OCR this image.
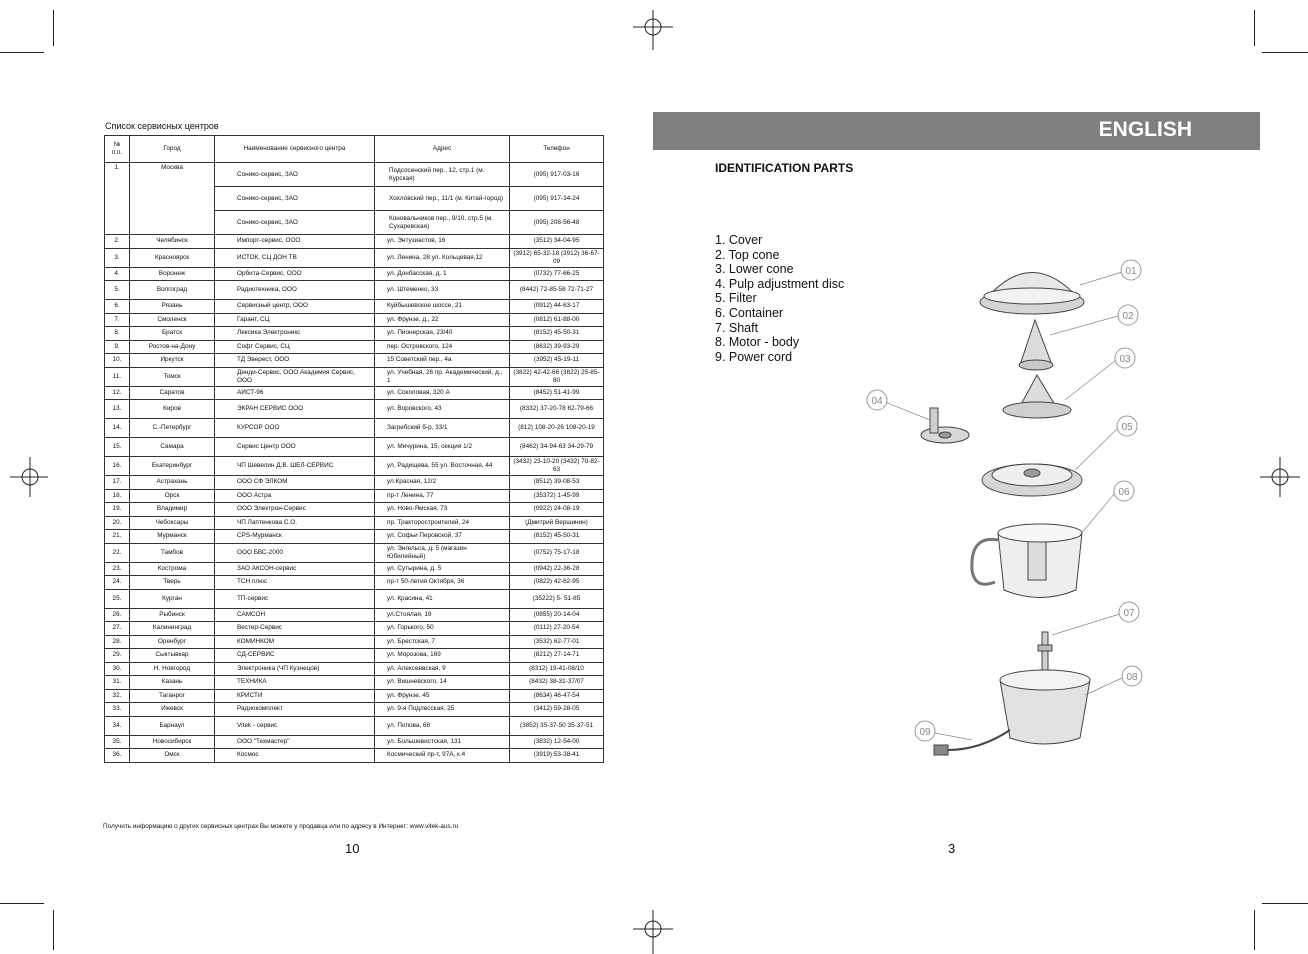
Список сервисных центров
№ п.п.	Город	Наименование сервисного центра	Адрес	Телефон
1.	Москва	Сонико-сервис, ЗАО	Подсосенский пер., 12, стр.1 (м. Курская)	(095) 917-03-16
		Сонико-сервис, ЗАО	Хохловский пер., 11/1 (м. Китай-город)	(095) 917-34-24
		Сонико-сервис, ЗАО	Коновальников пер., 9/10, стр.5 (м. Сухаревская)	(095) 208-56-48
2.	Челябинск	Импорт-сервис, ООО	ул. Энтузиастов, 16	(3512) 34-04-95
3.	Красноярск	ИСТОК, СЦ ДОН ТВ	ул. Ленина, 28 ул. Кольцевая,12	(3912) 65-32-18 (3912) 36-67-09
4.	Воронеж	Орбита-Сервис, ООО	ул. Донбасская, д. 1	(0732) 77-66-25
5.	Волгоград	Радиотехника, ООО	ул. Штеменко, 33	(8442) 72-85-58 72-71-27
6.	Рязань	Сервисный центр, ООО	Куйбышевское шоссе, 21	(0912) 44-63-17
7.	Смоленск	Гарант, СЦ	ул. Фрунзе, д., 22	(0812) 61-88-00
8.	Братск	Лексика Электроникс	ул. Пионерская, 23/40	(8152) 45-50-31
9.	Ростов-на-Дону	Софт Сервис, СЦ	пер. Островского, 124	(8632) 39-93-29
10.	Иркутск	ТД Эверест, ООО	15 Советский пер., 4а	(3952) 45-19-11
11.	Томск	Денди-Сервис, ООО Академия Сервис, ООО	ул. Учебная, 26 пр. Академический, д., 1	(3822) 42-42-66 (3822) 25-85-80
12.	Саратов	АИСТ-96	ул. Соколовая, 320 А	(8452) 51-41-99
13.	Киров	ЭКРАН СЕРВИС ООО	ул. Воровского, 43	(8332) 37-20-78 62-79-66
14.	С.-Петербург	КУРСОР ООО	Загребский б-р, 33/1	(812) 108-20-26 108-20-19
15.	Самара	Сервис Центр ООО	ул. Мичурина, 15, секция 1/2	(8462) 34-94-63 34-29-79
16.	Екатеринбург	ЧП Шевелин Д.В. ШЕЛ-СЕРВИС	ул. Радищева, 55 ул. Восточная, 44	(3432) 23-10-20 (3432) 70-82-63
17.	Астрахань	ООО СФ ЭЛКОМ	ул.Красная, 12/2	(8512) 39-08-53
18.	Орск	ООО Астра	пр-т Ленина, 77	(35372) 1-45-99
19.	Владимир	ООО Электрон-Сервис	ул. Ново-Ямская, 73	(0922) 24-08-19
20.	Чебоксары	ЧП Лаптенкова С.О.	пр. Тракторостроителей, 24	(Дмитрий Вершинин)
21.	Мурманск	CPS-Мурманск	ул. Софьи Перовской, 37	(8152) 45-50-31
22.	Тамбов	ООО БВС-2000	ул. Энгельса, д. 5 (магазин Юбилейный)	(0752) 75-17-18
23.	Кострома	ЗАО АКСОН-сервис	ул. Сутырина, д. 5	(0942) 22-36-28
24.	Тверь	ТСН плюс	пр-т 50-летия Октября, 36	(0822) 42-62-95
25.	Курган	ТП-сервис	ул. Красина, 41	(35222) 5- 51-85
26.	Рыбинск	САМСОН	ул.Стоялая, 19	(0855) 20-14-04
27.	Калининград	Вестер-Сервис	ул. Горького, 50	(0112) 27-20-54
28.	Оренбург	КОМИНКОМ	ул. Брестская, 7	(3532) 62-77-01
29.	Сыктывкар	СД-СЕРВИС	ул. Морозова, 169	(8212) 27-14-71
30.	Н. Новгород	Электроника (ЧП Кузнецов)	ул. Алексеевская, 9	(8312) 19-41-08/10
31.	Казань	ТЕХНИКА	ул. Вишневского, 14	(8432) 38-31-37/07
32.	Таганрог	КРИСТИ	ул. Фрунзе, 45	(8634) 46-47-54
33.	Ижевск	Радиокомплект	ул. 9-я Подлесская, 25	(3412) 59-28-05
34.	Барнаул	Vitek - сервис	ул. Попова, 68	(3852) 35-37-50 35-37-51
35.	Новосибирск	ООО "Техмастер"	ул. Большевистская, 131	(3832) 12-54-00
36.	Омск	Космос	Космический пр-т, 97А, к.4	(3919) 53-38-41
Получить информацию о других сервисных центрах Вы можете у продавца или по адресу в Интернет: www.vitek-aus.ru
10
ENGLISH
IDENTIFICATION PARTS
1. Cover
2. Top cone
3. Lower cone
4. Pulp adjustment disc
5. Filter
6. Container
7. Shaft
8. Motor - body
9. Power cord
01
02
03
04
05
06
07
08
09
3
